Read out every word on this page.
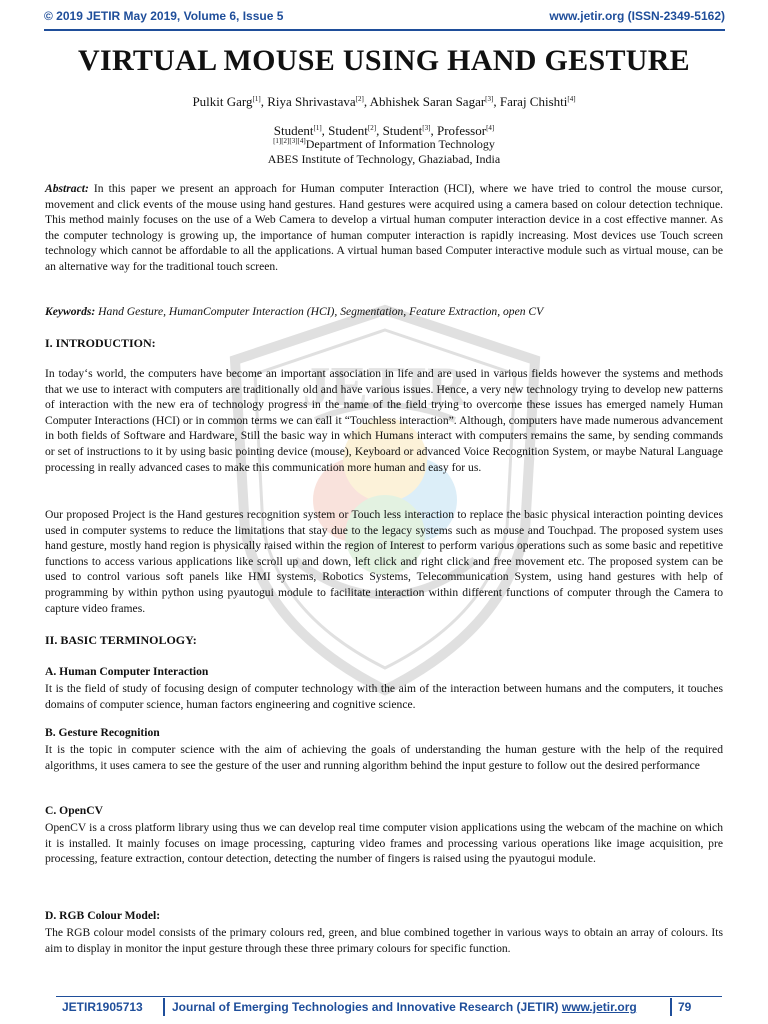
© 2019 JETIR May 2019, Volume 6, Issue 5	www.jetir.org (ISSN-2349-5162)
JETIR
VIRTUAL MOUSE USING HAND GESTURE
Pulkit Garg[1], Riya Shrivastava[2], Abhishek Saran Sagar[3], Faraj Chishti[4]
Student[1], Student[2], Student[3], Professor[4]
[1][2][3][4]Department of Information Technology
ABES Institute of Technology, Ghaziabad, India

Abstract: In this paper we present an approach for Human computer Interaction (HCI), where we have tried to control the mouse cursor, movement and click events of the mouse using hand gestures. Hand gestures were acquired using a camera based on colour detection technique. This method mainly focuses on the use of a Web Camera to develop a virtual human computer interaction device in a cost effective manner. As the computer technology is growing up, the importance of human computer interaction is rapidly increasing. Most devices use Touch screen technology which cannot be affordable to all the applications. A virtual human based Computer interactive module such as virtual mouse, can be an alternative way for the traditional touch screen.

Keywords: Hand Gesture, HumanComputer Interaction (HCI), Segmentation, Feature Extraction, open CV

I. INTRODUCTION:

In today‘s world, the computers have become an important association in life and are used in various fields however the systems and methods that we use to interact with computers are traditionally old and have various issues. Hence, a very new technology trying to develop new patterns of interaction with the new era of technology progress in the name of the field trying to overcome these issues has emerged namely Human Computer Interactions (HCI) or in common terms we can call it “Touchless interaction”. Although, computers have made numerous advancement in both fields of Software and Hardware, Still the basic way in which Humans interact with computers remains the same, by sending commands or set of instructions to it by using basic pointing device (mouse), Keyboard or advanced Voice Recognition System, or maybe Natural Language processing in really advanced cases to make this communication more human and easy for us.

Our proposed Project is the Hand gestures recognition system or Touch less interaction to replace the basic physical interaction pointing devices used in computer systems to reduce the limitations that stay due to the legacy systems such as mouse and Touchpad. The proposed system uses hand gesture, mostly hand region is physically raised within the region of Interest to perform various operations such as some basic and repetitive functions to access various applications like scroll up and down, left click and right click and free movement etc. The proposed system can be used to control various soft panels like HMI systems, Robotics Systems, Telecommunication System, using hand gestures with help of programming by within python using pyautogui module to facilitate interaction within different functions of computer through the Camera to capture video frames.

II. BASIC TERMINOLOGY:
A. Human Computer Interaction

It is the field of study of focusing design of computer technology with the aim of the interaction between humans and the computers, it touches domains of computer science, human factors engineering and cognitive science.

B. Gesture Recognition

It is the topic in computer science with the aim of achieving the goals of understanding the human gesture with the help of the required algorithms, it uses camera to see the gesture of the user and running algorithm behind the input gesture to follow out the desired performance

C. OpenCV

OpenCV is a cross platform library using thus we can develop real time computer vision applications using the webcam of the machine on which it is installed. It mainly focuses on image processing, capturing video frames and processing various operations like image acquisition, pre processing, feature extraction, contour detection, detecting the number of fingers is raised using the pyautogui module.

D. RGB Colour Model:

The RGB colour model consists of the primary colours red, green, and blue combined together in various ways to obtain an array of colours. Its aim to display in monitor the input gesture through these three primary colours for specific function.

JETIR1905713 Journal of Emerging Technologies and Innovative Research (JETIR) www.jetir.org	79
